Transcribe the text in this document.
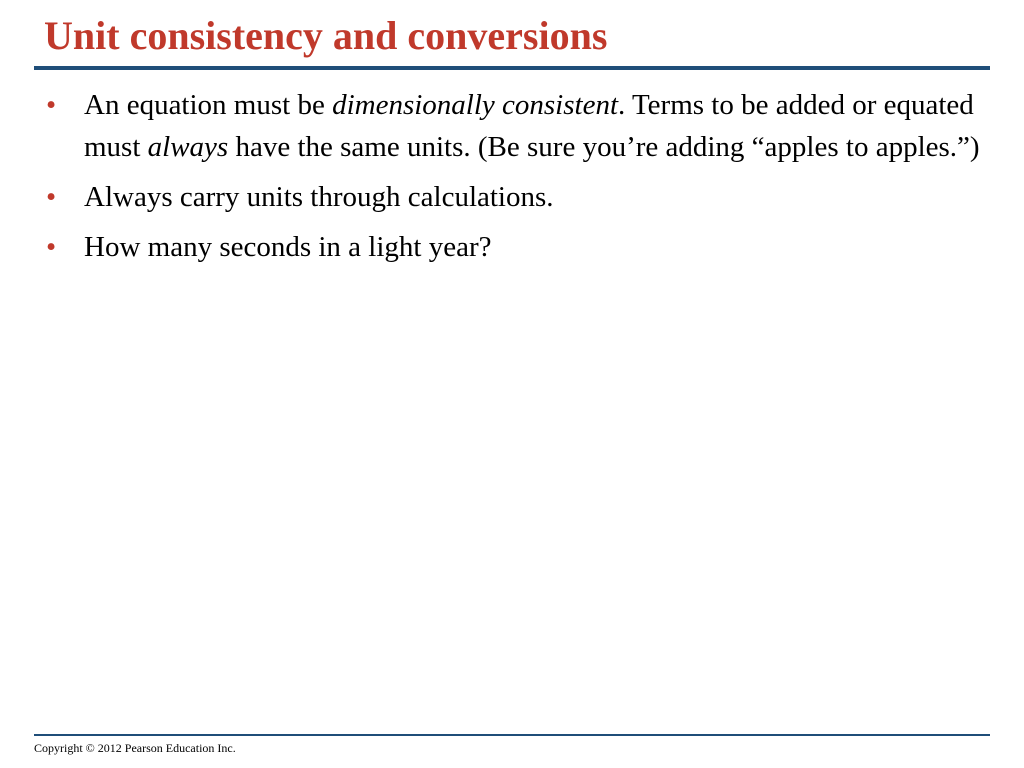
Unit consistency and conversions
• An equation must be dimensionally consistent. Terms to be added or equated must always have the same units. (Be sure you’re adding “apples to apples.”)
• Always carry units through calculations.
• How many seconds in a light year?
Copyright © 2012 Pearson Education Inc.
